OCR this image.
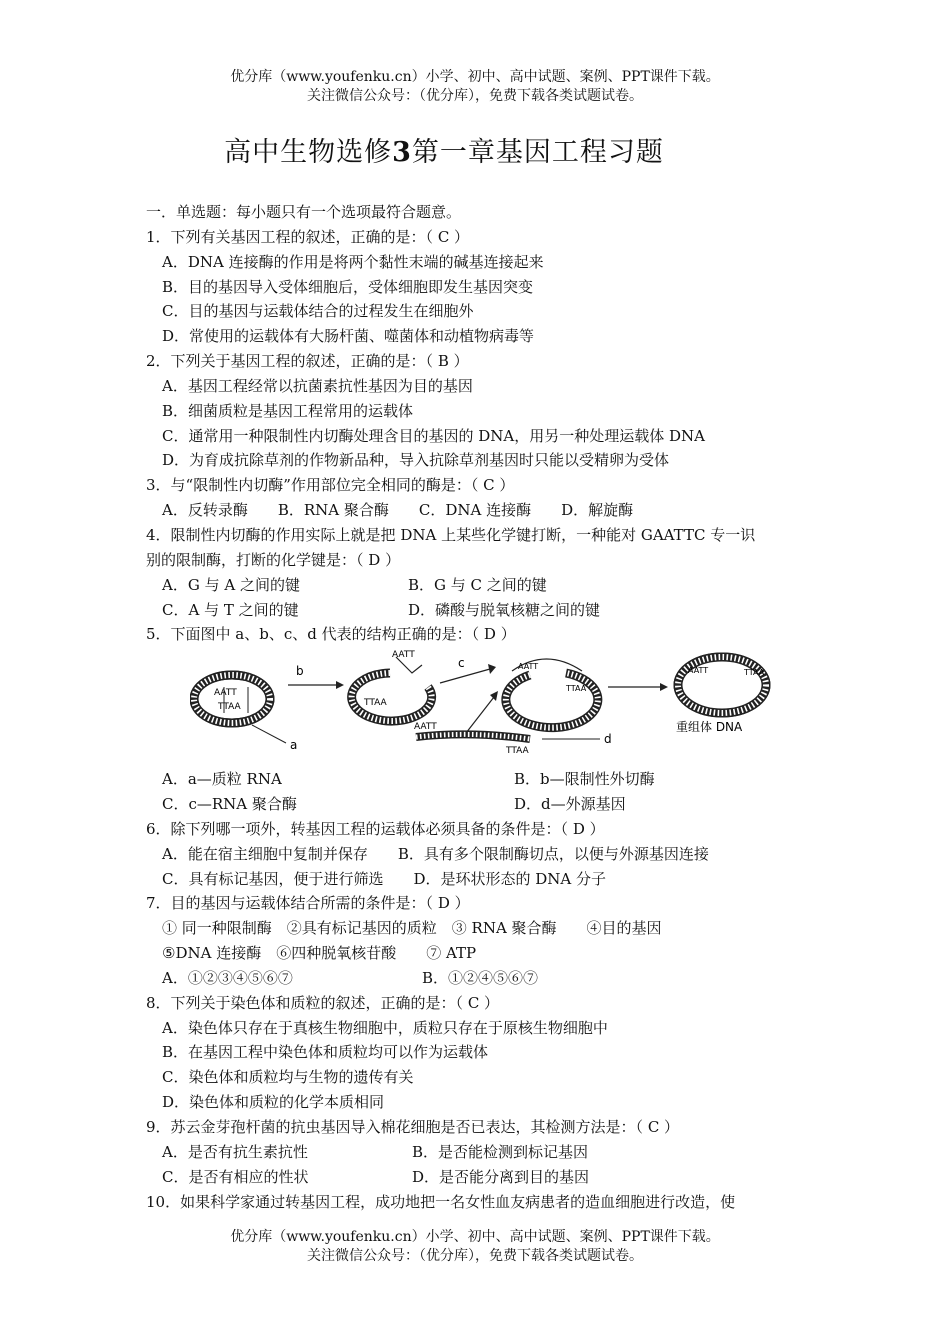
优分库（www.youfenku.cn）小学、初中、高中试题、案例、PPT课件下载。
关注微信公众号：（优分库），免费下载各类试题试卷。
高中生物选修3第一章基因工程习题
一．单选题：每小题只有一个选项最符合题意。
1．下列有关基因工程的叙述，正确的是：（ C ）
A．DNA 连接酶的作用是将两个黏性末端的碱基连接起来
B．目的基因导入受体细胞后，受体细胞即发生基因突变
C．目的基因与运载体结合的过程发生在细胞外
D．常使用的运载体有大肠杆菌、噬菌体和动植物病毒等
2．下列关于基因工程的叙述，正确的是：（ B ）
A．基因工程经常以抗菌素抗性基因为目的基因
B．细菌质粒是基因工程常用的运载体
C．通常用一种限制性内切酶处理含目的基因的 DNA，用另一种处理运载体 DNA
D．为育成抗除草剂的作物新品种，导入抗除草剂基因时只能以受精卵为受体
3．与“限制性内切酶”作用部位完全相同的酶是：（ C ）
A．反转录酶　　B．RNA 聚合酶　　C．DNA 连接酶　　D．解旋酶
4．限制性内切酶的作用实际上就是把 DNA 上某些化学键打断，一种能对 GAATTC 专一识
别的限制酶，打断的化学键是：（ D ）
A．G 与 A 之间的键	B．G 与 C 之间的键
C．A 与 T 之间的键	D．磷酸与脱氧核糖之间的键
5．下面图中 a、b、c、d 代表的结构正确的是：（ D ）
AATT
TTAA
a
b
AATT
TTAA
c
AATT
TTAA
d
AATT
TTAA
AATT	TTAA
重组体 DNA
A．a—质粒 RNA	B．b—限制性外切酶
C．c—RNA 聚合酶	D．d—外源基因
6．除下列哪一项外，转基因工程的运载体必须具备的条件是：（ D ）
A．能在宿主细胞中复制并保存　　B．具有多个限制酶切点，以便与外源基因连接
C．具有标记基因，便于进行筛选　　D．是环状形态的 DNA 分子
7．目的基因与运载体结合所需的条件是：（ D ）
① 同一种限制酶　②具有标记基因的质粒　③ RNA 聚合酶　　④目的基因
⑤DNA 连接酶　⑥四种脱氧核苷酸　　⑦ ATP
A．①②③④⑤⑥⑦	B．①②④⑤⑥⑦
8．下列关于染色体和质粒的叙述，正确的是：（ C ）
A．染色体只存在于真核生物细胞中，质粒只存在于原核生物细胞中
B．在基因工程中染色体和质粒均可以作为运载体
C．染色体和质粒均与生物的遗传有关
D．染色体和质粒的化学本质相同
9．苏云金芽孢杆菌的抗虫基因导入棉花细胞是否已表达，其检测方法是：（ C ）
A．是否有抗生素抗性	B．是否能检测到标记基因
C．是否有相应的性状	D．是否能分离到目的基因
10．如果科学家通过转基因工程，成功地把一名女性血友病患者的造血细胞进行改造，使
优分库（www.youfenku.cn）小学、初中、高中试题、案例、PPT课件下载。
关注微信公众号：（优分库），免费下载各类试题试卷。
